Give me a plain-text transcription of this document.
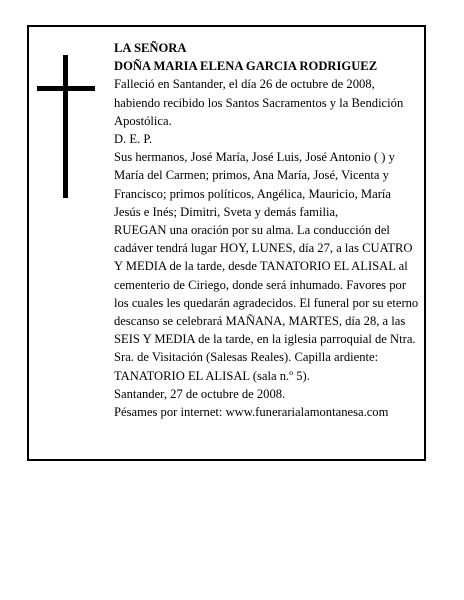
LA SEÑORA

DOÑA MARIA ELENA GARCIA RODRIGUEZ

Falleció en Santander, el día 26 de octubre de 2008, habiendo recibido los Santos Sacramentos y la Bendición Apostólica.

D. E. P.

Sus hermanos, José María, José Luis, José Antonio ( ) y María del Carmen; primos, Ana María, José, Vicenta y Francisco; primos políticos, Angélica, Mauricio, María Jesús e Inés; Dimitri, Sveta y demás familia,

RUEGAN una oración por su alma. La conducción del cadáver tendrá lugar HOY, LUNES, día 27, a las CUATRO Y MEDIA de la tarde, desde TANATORIO EL ALISAL al cementerio de Ciriego, donde será inhumado. Favores por los cuales les quedarán agradecidos. El funeral por su eterno descanso se celebrará MAÑANA, MARTES, día 28, a las SEIS Y MEDIA de la tarde, en la iglesia parroquial de Ntra. Sra. de Visitación (Salesas Reales). Capilla ardiente: TANATORIO EL ALISAL (sala n.º 5).

Santander, 27 de octubre de 2008.

Pésames por internet: www.funerarialamontanesa.com
